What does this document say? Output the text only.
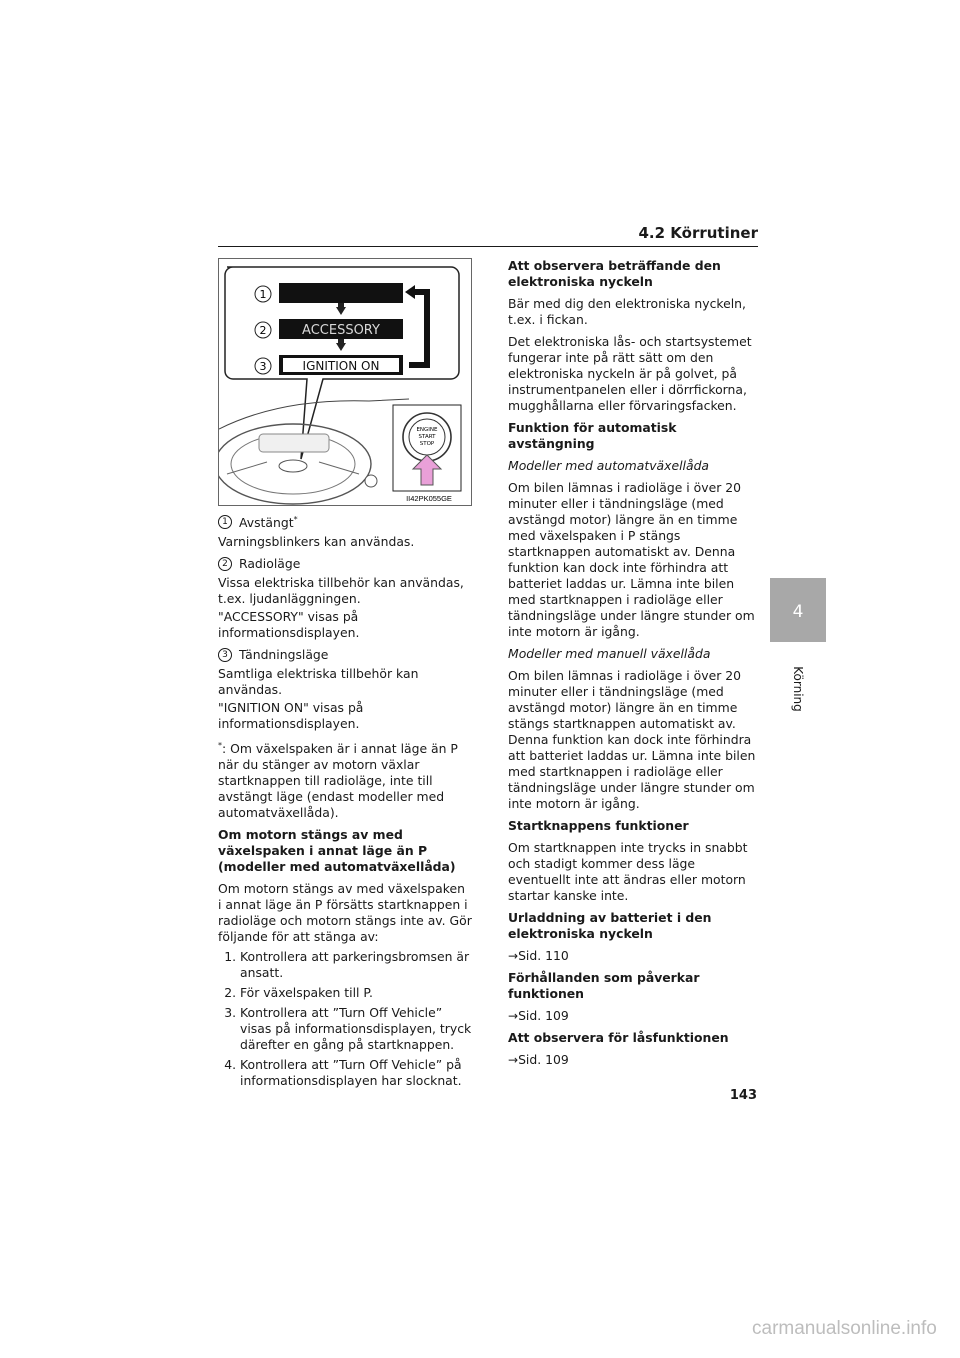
4.2 Körrutiner
4
Körning
1
2	ACCESSORY
3	IGNITION ON
ENGINE
START
STOP
II42PK055GE
1 Avstängt*

Varningsblinkers kan användas.

2 Radioläge

Vissa elektriska tillbehör kan användas, t.ex. ljudanläggningen.

"ACCESSORY" visas på informationsdisplayen.

3 Tändningsläge

Samtliga elektriska tillbehör kan användas.

"IGNITION ON" visas på informationsdisplayen.

*: Om växelspaken är i annat läge än P när du stänger av motorn växlar startknappen till radioläge, inte till avstängt läge (endast modeller med automatväxellåda).

Om motorn stängs av med växelspaken i annat läge än P (modeller med automatväxellåda)

Om motorn stängs av med växelspaken i annat läge än P försätts startknappen i radioläge och motorn stängs inte av. Gör följande för att stänga av:

1. Kontrollera att parkeringsbromsen är ansatt.
2. För växelspaken till P.
3. Kontrollera att ”Turn Off Vehicle” visas på informationsdisplayen, tryck därefter en gång på startknappen.
4. Kontrollera att ”Turn Off Vehicle” på informationsdisplayen har slocknat.

Att observera beträffande den elektroniska nyckeln

Bär med dig den elektroniska nyckeln, t.ex. i fickan.

Det elektroniska lås- och startsystemet fungerar inte på rätt sätt om den elektroniska nyckeln är på golvet, på instrumentpanelen eller i dörrfickorna, mugghållarna eller förvaringsfacken.

Funktion för automatisk avstängning

Modeller med automatväxellåda

Om bilen lämnas i radioläge i över 20 minuter eller i tändningsläge (med avstängd motor) längre än en timme med växelspaken i P stängs startknappen automatiskt av. Denna funktion kan dock inte förhindra att batteriet laddas ur. Lämna inte bilen med startknappen i radioläge eller tändningsläge under längre stunder om inte motorn är igång.

Modeller med manuell växellåda

Om bilen lämnas i radioläge i över 20 minuter eller i tändningsläge (med avstängd motor) längre än en timme stängs startknappen automatiskt av. Denna funktion kan dock inte förhindra att batteriet laddas ur. Lämna inte bilen med startknappen i radioläge eller tändningsläge under längre stunder om inte motorn är igång.

Startknappens funktioner

Om startknappen inte trycks in snabbt och stadigt kommer dess läge eventuellt inte att ändras eller motorn startar kanske inte.

Urladdning av batteriet i den elektroniska nyckeln

→Sid. 110

Förhållanden som påverkar funktionen

→Sid. 109

Att observera för låsfunktionen

→Sid. 109

143
carmanualsonline.info
